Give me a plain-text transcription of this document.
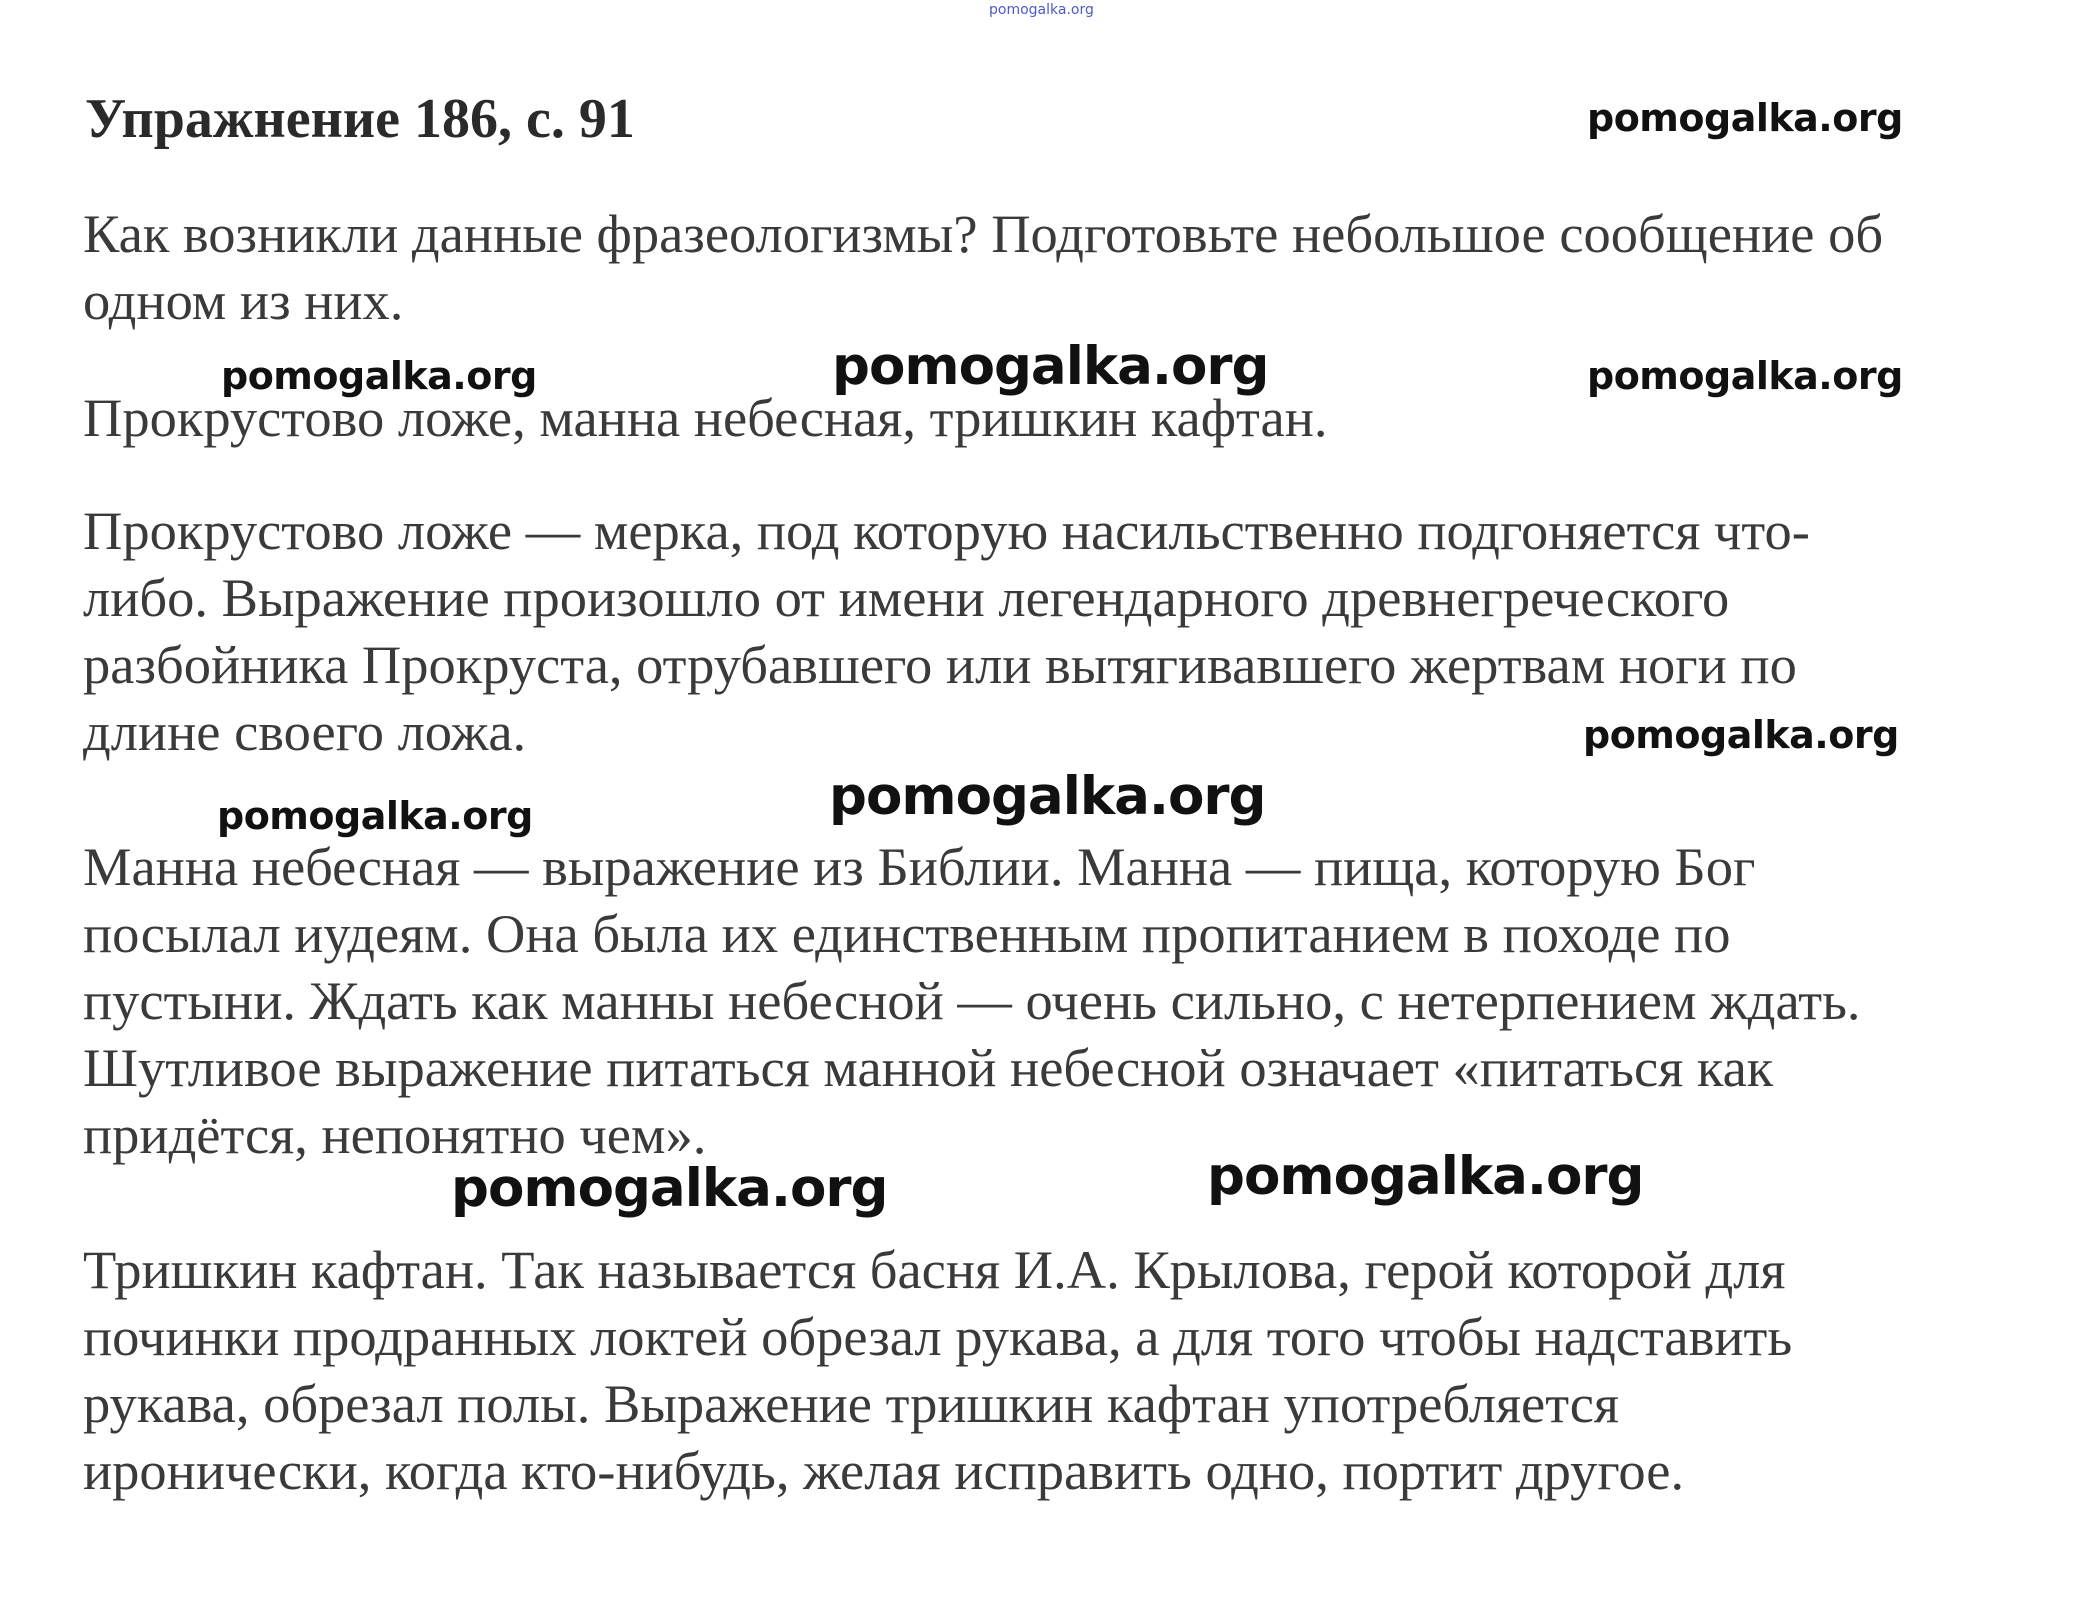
pomogalka.org
Упражнение 186, с. 91	pomogalka.org
pomogalka.org	pomogalka.org	pomogalka.org
pomogalka.org
pomogalka.org	pomogalka.org
pomogalka.org	pomogalka.org

Как возникли данные фразеологизмы? Подготовьте небольшое сообщение об
одном из них.

Прокрустово ложе, манна небесная, тришкин кафтан.

Прокрустово ложе — мерка, под которую насильственно подгоняется что-
либо. Выражение произошло от имени легендарного древнегреческого
разбойника Прокруста, отрубавшего или вытягивавшего жертвам ноги по
длине своего ложа.

Манна небесная — выражение из Библии. Манна — пища, которую Бог
посылал иудеям. Она была их единственным пропитанием в походе по
пустыни. Ждать как манны небесной — очень сильно, с нетерпением ждать.
Шутливое выражение питаться манной небесной означает «питаться как
придётся, непонятно чем».

Тришкин кафтан. Так называется басня И.А. Крылова, герой которой для
починки продранных локтей обрезал рукава, а для того чтобы надставить
рукава, обрезал полы. Выражение тришкин кафтан употребляется
иронически, когда кто-нибудь, желая исправить одно, портит другое.
